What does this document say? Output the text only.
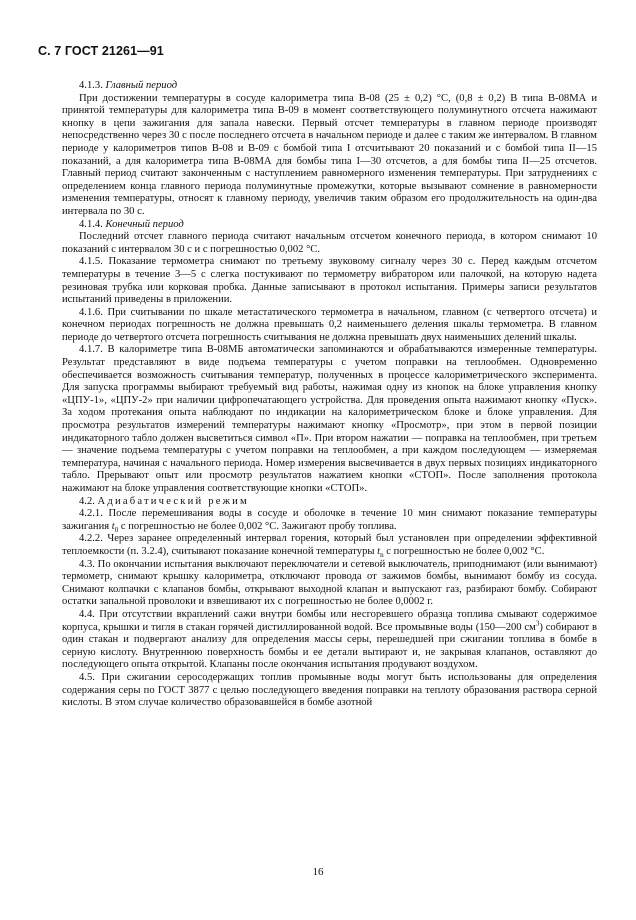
С. 7 ГОСТ 21261—91

4.1.3. Главный период

При достижении температуры в сосуде калориметра типа В-08 (25 ± 0,2) °С, (0,8 ± 0,2) В типа В-08МА и принятой температуры для калориметра типа В-09 в момент соответствующего полуминутного отсчета нажимают кнопку в цепи зажигания для запала навески. Первый отсчет температуры в главном периоде производят непосредственно через 30 с после последнего отсчета в начальном периоде и далее с таким же интервалом. В главном периоде у калориметров типов В-08 и В-09 с бомбой типа I отсчитывают 20 показаний и с бомбой типа II—15 показаний, а для калориметра типа В-08МА для бомбы типа I—30 отсчетов, а для бомбы типа II—25 отсчетов. Главный период считают законченным с наступлением равномерного изменения температуры. При затруднениях с определением конца главного периода полуминутные промежутки, которые вызывают сомнение в равномерности изменения температуры, относят к главному периоду, увеличив таким образом его продолжительность на один-два интервала по 30 с.

4.1.4. Конечный период

Последний отсчет главного периода считают начальным отсчетом конечного периода, в котором снимают 10 показаний с интервалом 30 с и с погрешностью 0,002 °С.

4.1.5. Показание термометра снимают по третьему звуковому сигналу через 30 с. Перед каждым отсчетом температуры в течение 3—5 с слегка постукивают по термометру вибратором или палочкой, на которую надета резиновая трубка или корковая пробка. Данные записывают в протокол испытания. Примеры записи результатов испытаний приведены в приложении.

4.1.6. При считывании по шкале метастатического термометра в начальном, главном (с четвертого отсчета) и конечном периодах погрешность не должна превышать 0,2 наименьшего деления шкалы термометра. В главном периоде до четвертого отсчета погрешность считывания не должна превышать двух наименьших делений шкалы.

4.1.7. В калориметре типа В-08МБ автоматически запоминаются и обрабатываются измеренные температуры. Результат представляют в виде подъема температуры с учетом поправки на теплообмен. Одновременно обеспечивается возможность считывания температур, полученных в процессе калориметрического эксперимента. Для запуска программы выбирают требуемый вид работы, нажимая одну из кнопок на блоке управления кнопку «ЦПУ-1», «ЦПУ-2» при наличии цифропечатающего устройства. Для проведения опыта нажимают кнопку «Пуск». За ходом протекания опыта наблюдают по индикации на калориметрическом блоке и блоке управления. Для просмотра результатов измерений температуры нажимают кнопку «Просмотр», при этом в первой позиции индикаторного табло должен высветиться символ «П». При втором нажатии — поправка на теплообмен, при третьем — значение подъема температуры с учетом поправки на теплообмен, а при каждом последующем — измеряемая температура, начиная с начального периода. Номер измерения высвечивается в двух первых позициях индикаторного табло. Прерывают опыт или просмотр результатов нажатием кнопки «СТОП». После заполнения протокола нажимают на блоке управления соответствующие кнопки «СТОП».

4.2. Адиабатический режим

4.2.1. После перемешивания воды в сосуде и оболочке в течение 10 мин снимают показание температуры зажигания $t_0$ с погрешностью не более 0,002 °С. Зажигают пробу топлива.

4.2.2. Через заранее определенный интервал горения, который был установлен при определении эффективной теплоемкости (п. 3.2.4), считывают показание конечной температуры $t_n$ с погрешностью не более 0,002 °С.

4.3. По окончании испытания выключают переключатели и сетевой выключатель, приподнимают (или вынимают) термометр, снимают крышку калориметра, отключают провода от зажимов бомбы, вынимают бомбу из сосуда. Снимают колпачки с клапанов бомбы, открывают выходной клапан и выпускают газ, разбирают бомбу. Собирают остатки запальной проволоки и взвешивают их с погрешностью не более 0,0002 г.

4.4. При отсутствии вкраплений сажи внутри бомбы или несгоревшего образца топлива смывают содержимое корпуса, крышки и тигля в стакан горячей дистиллированной водой. Все промывные воды (150—200 $см^3$) собирают в один стакан и подвергают анализу для определения массы серы, перешедшей при сжигании топлива в бомбе в серную кислоту. Внутреннюю поверхность бомбы и ее детали вытирают и, не закрывая клапанов, оставляют до последующего опыта открытой. Клапаны после окончания испытания продувают воздухом.

4.5. При сжигании серосодержащих топлив промывные воды могут быть использованы для определения содержания серы по ГОСТ 3877 с целью последующего введения поправки на теплоту образования раствора серной кислоты. В этом случае количество образовавшейся в бомбе азотной

16
